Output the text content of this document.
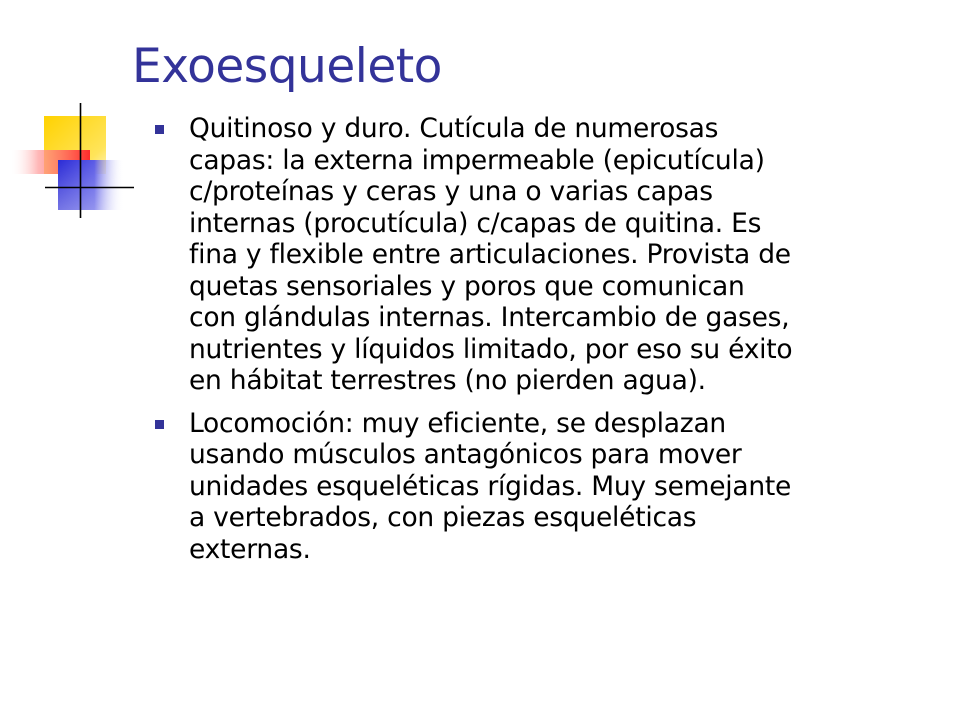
Exoesqueleto
Quitinoso y duro. Cutícula de numerosas
capas: la externa impermeable (epicutícula)
c/proteínas y ceras y una o varias capas
internas (procutícula) c/capas de quitina. Es
fina y flexible entre articulaciones. Provista de
quetas sensoriales y poros que comunican
con glándulas internas. Intercambio de gases,
nutrientes y líquidos limitado, por eso su éxito
en hábitat terrestres (no pierden agua).
Locomoción: muy eficiente, se desplazan
usando músculos antagónicos para mover
unidades esqueléticas rígidas. Muy semejante
a vertebrados, con piezas esqueléticas
externas.
